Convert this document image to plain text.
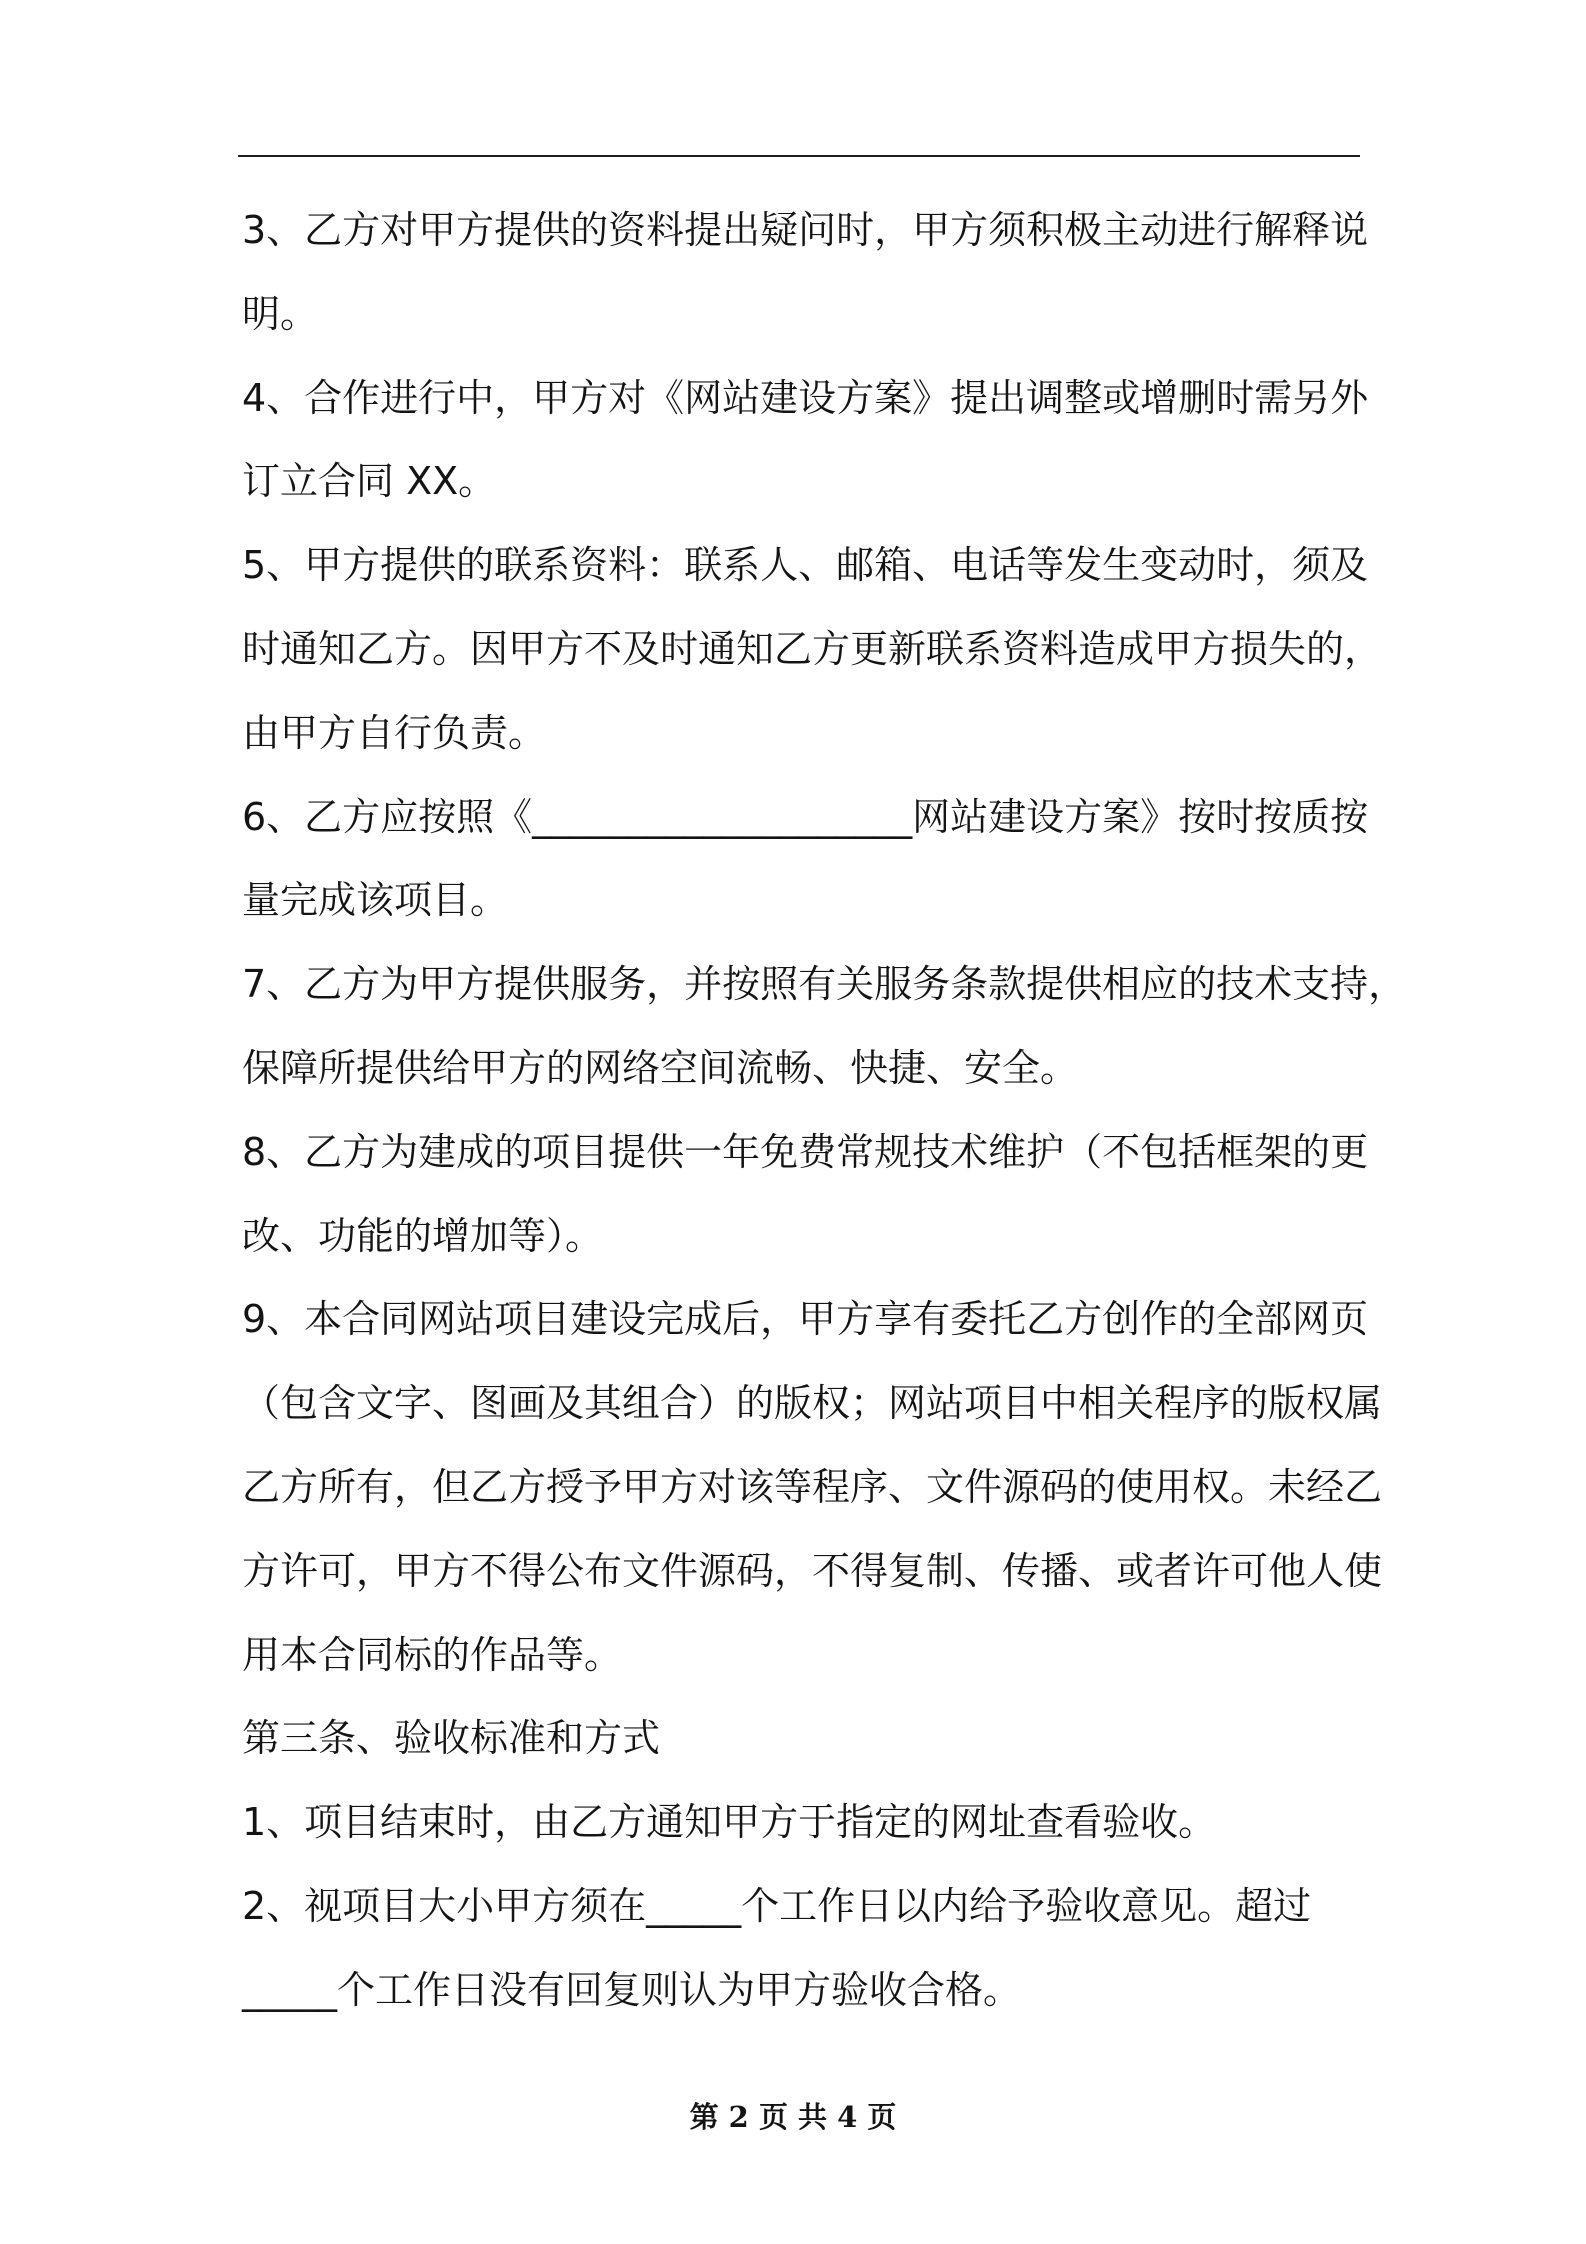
3、乙方对甲方提供的资料提出疑问时，甲方须积极主动进行解释说
明。
4、合作进行中，甲方对《网站建设方案》提出调整或增删时需另外
订立合同 XX。
5、甲方提供的联系资料：联系人、邮箱、电话等发生变动时，须及
时通知乙方。因甲方不及时通知乙方更新联系资料造成甲方损失的，
由甲方自行负责。
6、乙方应按照《____________________网站建设方案》按时按质按
量完成该项目。
7、乙方为甲方提供服务，并按照有关服务条款提供相应的技术支持，
保障所提供给甲方的网络空间流畅、快捷、安全。
8、乙方为建成的项目提供一年免费常规技术维护（不包括框架的更
改、功能的增加等）。
9、本合同网站项目建设完成后，甲方享有委托乙方创作的全部网页
（包含文字、图画及其组合）的版权；网站项目中相关程序的版权属
乙方所有，但乙方授予甲方对该等程序、文件源码的使用权。未经乙
方许可，甲方不得公布文件源码，不得复制、传播、或者许可他人使
用本合同标的作品等。
第三条、验收标准和方式
1、项目结束时，由乙方通知甲方于指定的网址查看验收。
2、视项目大小甲方须在_____个工作日以内给予验收意见。超过
_____个工作日没有回复则认为甲方验收合格。
第 2 页 共 4 页
